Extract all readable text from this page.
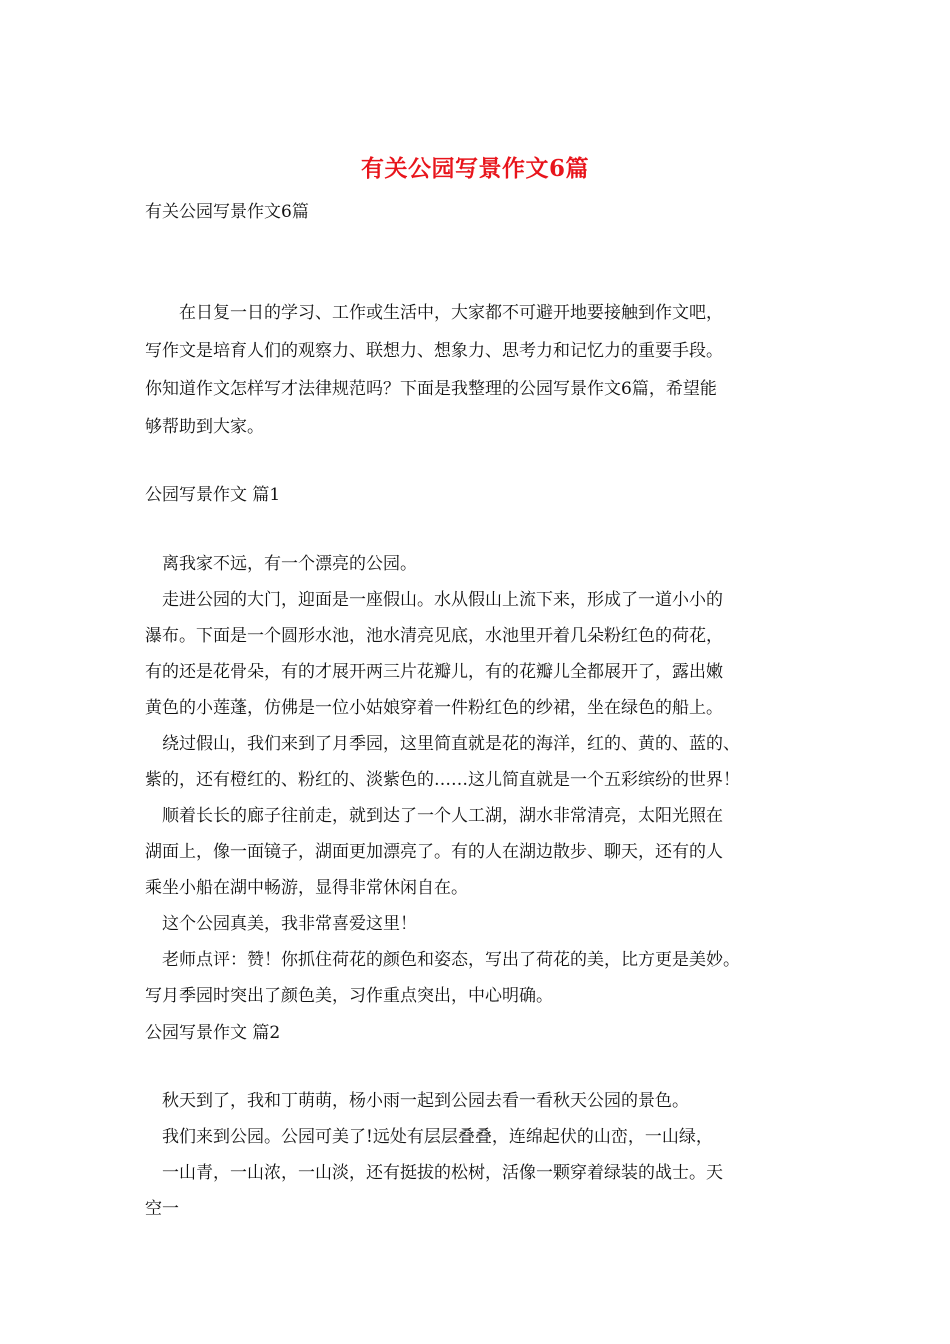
有关公园写景作文6篇
有关公园写景作文6篇
　　在日复一日的学习、工作或生活中，大家都不可避开地要接触到作文吧，
写作文是培育人们的观察力、联想力、想象力、思考力和记忆力的重要手段。
你知道作文怎样写才法律规范吗？下面是我整理的公园写景作文6篇，希望能
够帮助到大家。
公园写景作文 篇1
　离我家不远，有一个漂亮的公园。
　走进公园的大门，迎面是一座假山。水从假山上流下来，形成了一道小小的
瀑布。下面是一个圆形水池，池水清亮见底，水池里开着几朵粉红色的荷花，
有的还是花骨朵，有的才展开两三片花瓣儿，有的花瓣儿全都展开了，露出嫩
黄色的小莲蓬，仿佛是一位小姑娘穿着一件粉红色的纱裙，坐在绿色的船上。
　绕过假山，我们来到了月季园，这里简直就是花的海洋，红的、黄的、蓝的、
紫的，还有橙红的、粉红的、淡紫色的……这儿简直就是一个五彩缤纷的世界！
　顺着长长的廊子往前走，就到达了一个人工湖，湖水非常清亮，太阳光照在
湖面上，像一面镜子，湖面更加漂亮了。有的人在湖边散步、聊天，还有的人
乘坐小船在湖中畅游，显得非常休闲自在。
　这个公园真美，我非常喜爱这里！
　老师点评：赞！你抓住荷花的颜色和姿态，写出了荷花的美，比方更是美妙。
写月季园时突出了颜色美，习作重点突出，中心明确。
公园写景作文 篇2
　秋天到了，我和丁萌萌，杨小雨一起到公园去看一看秋天公园的景色。
　我们来到公园。公园可美了!远处有层层叠叠，连绵起伏的山峦，一山绿，
　一山青，一山浓，一山淡，还有挺拔的松树，活像一颗穿着绿装的战士。天
空一
